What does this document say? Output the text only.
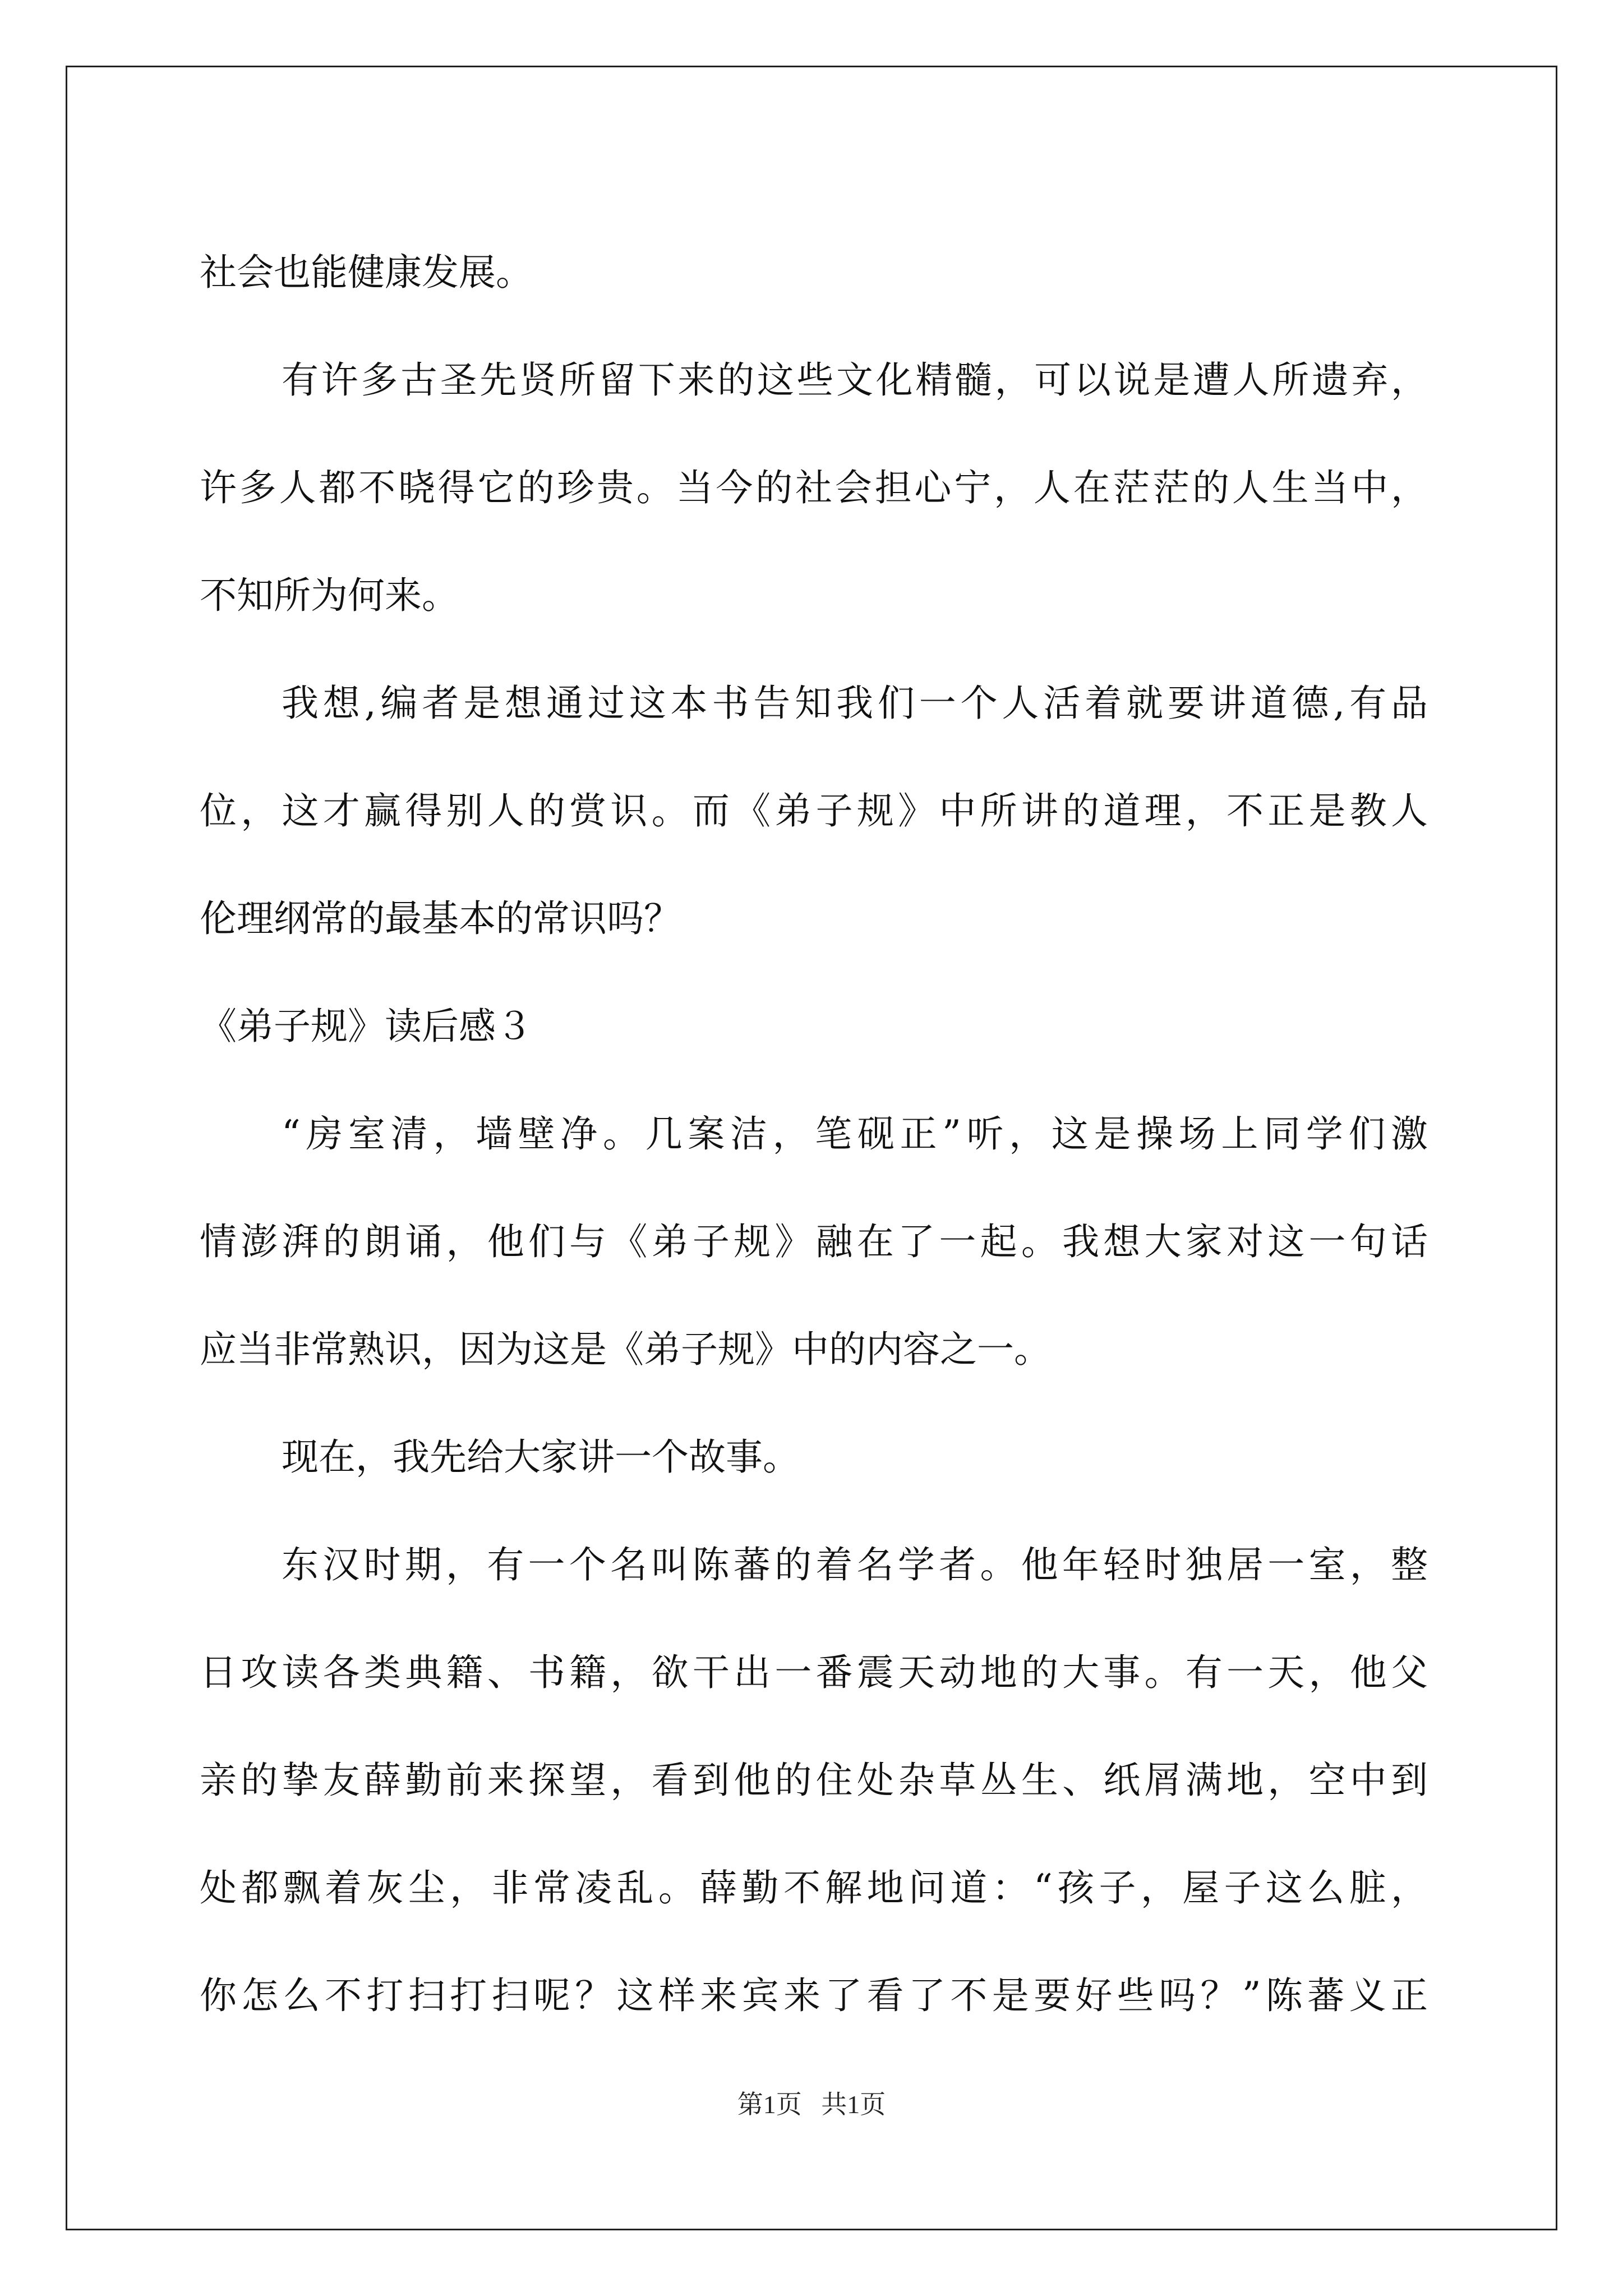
社会也能健康发展。
有许多古圣先贤所留下来的这些文化精髓，可以说是遭人所遗弃，
许多人都不晓得它的珍贵。当今的社会担心宁，人在茫茫的人生当中，
不知所为何来。
我想,编者是想通过这本书告知我们一个人活着就要讲道德,有品
位，这才赢得别人的赏识。而《弟子规》中所讲的道理，不正是教人
伦理纲常的最基本的常识吗？
《弟子规》读后感３
“房室清，墙壁净。几案洁，笔砚正”听，这是操场上同学们激
情澎湃的朗诵，他们与《弟子规》融在了一起。我想大家对这一句话
应当非常熟识，因为这是《弟子规》中的内容之一。
现在，我先给大家讲一个故事。
东汉时期，有一个名叫陈蕃的着名学者。他年轻时独居一室，整
日攻读各类典籍、书籍，欲干出一番震天动地的大事。有一天，他父
亲的挚友薛勤前来探望，看到他的住处杂草丛生、纸屑满地，空中到
处都飘着灰尘，非常凌乱。薛勤不解地问道：“孩子，屋子这么脏，
你怎么不打扫打扫呢？这样来宾来了看了不是要好些吗？”陈蕃义正
第1页   共1页
